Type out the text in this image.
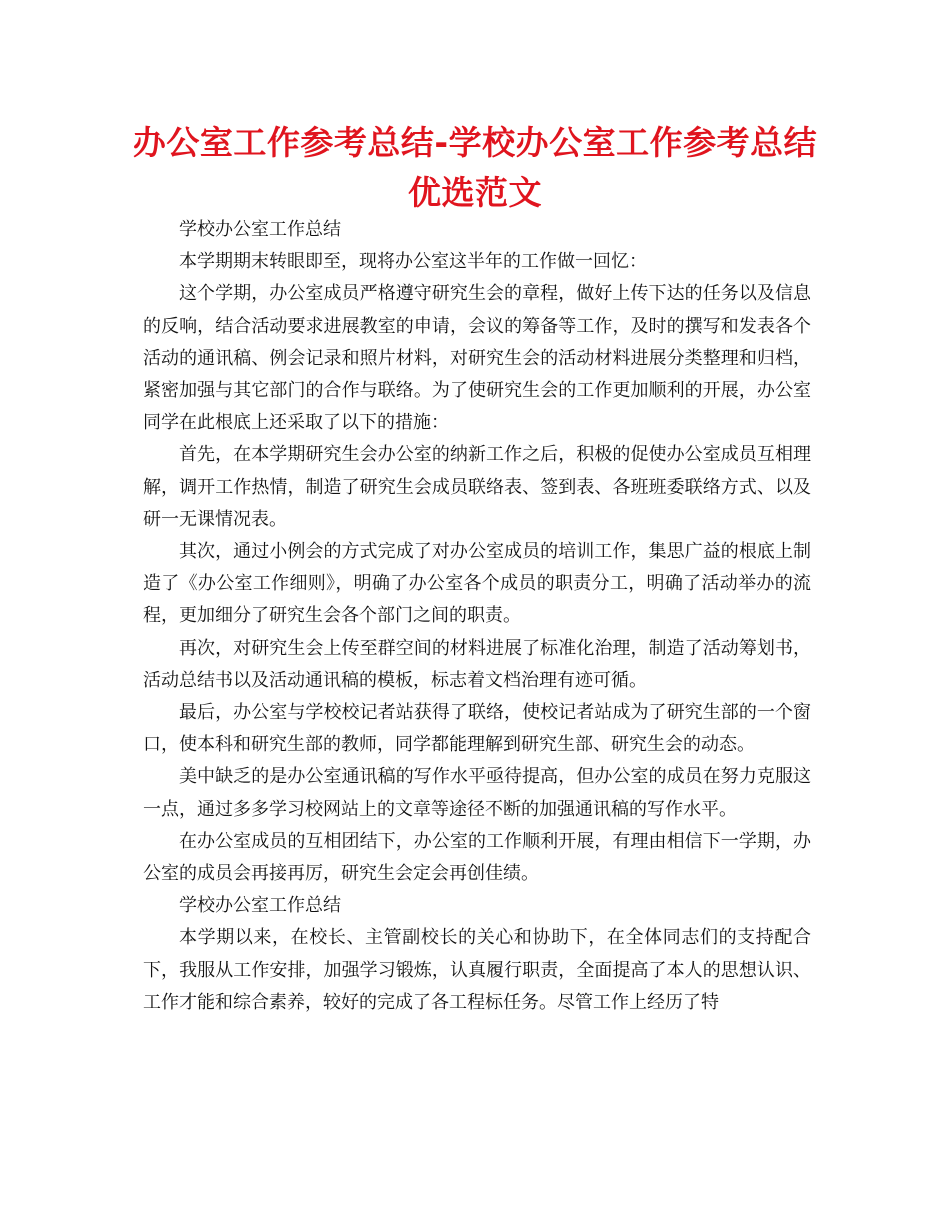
办公室工作参考总结-学校办公室工作参考总结优选范文

学校办公室工作总结

本学期期末转眼即至，现将办公室这半年的工作做一回忆：

这个学期，办公室成员严格遵守研究生会的章程，做好上传下达的任务以及信息的反响，结合活动要求进展教室的申请，会议的筹备等工作，及时的撰写和发表各个活动的通讯稿、例会记录和照片材料，对研究生会的活动材料进展分类整理和归档，紧密加强与其它部门的合作与联络。为了使研究生会的工作更加顺利的开展，办公室同学在此根底上还采取了以下的措施：

首先，在本学期研究生会办公室的纳新工作之后，积极的促使办公室成员互相理解，调开工作热情，制造了研究生会成员联络表、签到表、各班班委联络方式、以及研一无课情况表。

其次，通过小例会的方式完成了对办公室成员的培训工作，集思广益的根底上制造了《办公室工作细则》，明确了办公室各个成员的职责分工，明确了活动举办的流程，更加细分了研究生会各个部门之间的职责。

再次，对研究生会上传至群空间的材料进展了标准化治理，制造了活动筹划书，活动总结书以及活动通讯稿的模板，标志着文档治理有迹可循。

最后，办公室与学校校记者站获得了联络，使校记者站成为了研究生部的一个窗口，使本科和研究生部的教师，同学都能理解到研究生部、研究生会的动态。

美中缺乏的是办公室通讯稿的写作水平亟待提高，但办公室的成员在努力克服这一点，通过多多学习校网站上的文章等途径不断的加强通讯稿的写作水平。

在办公室成员的互相团结下，办公室的工作顺利开展，有理由相信下一学期，办公室的成员会再接再厉，研究生会定会再创佳绩。

学校办公室工作总结

本学期以来，在校长、主管副校长的关心和协助下，在全体同志们的支持配合下，我服从工作安排，加强学习锻炼，认真履行职责，全面提高了本人的思想认识、工作才能和综合素养，较好的完成了各工程标任务。尽管工作上经历了特
